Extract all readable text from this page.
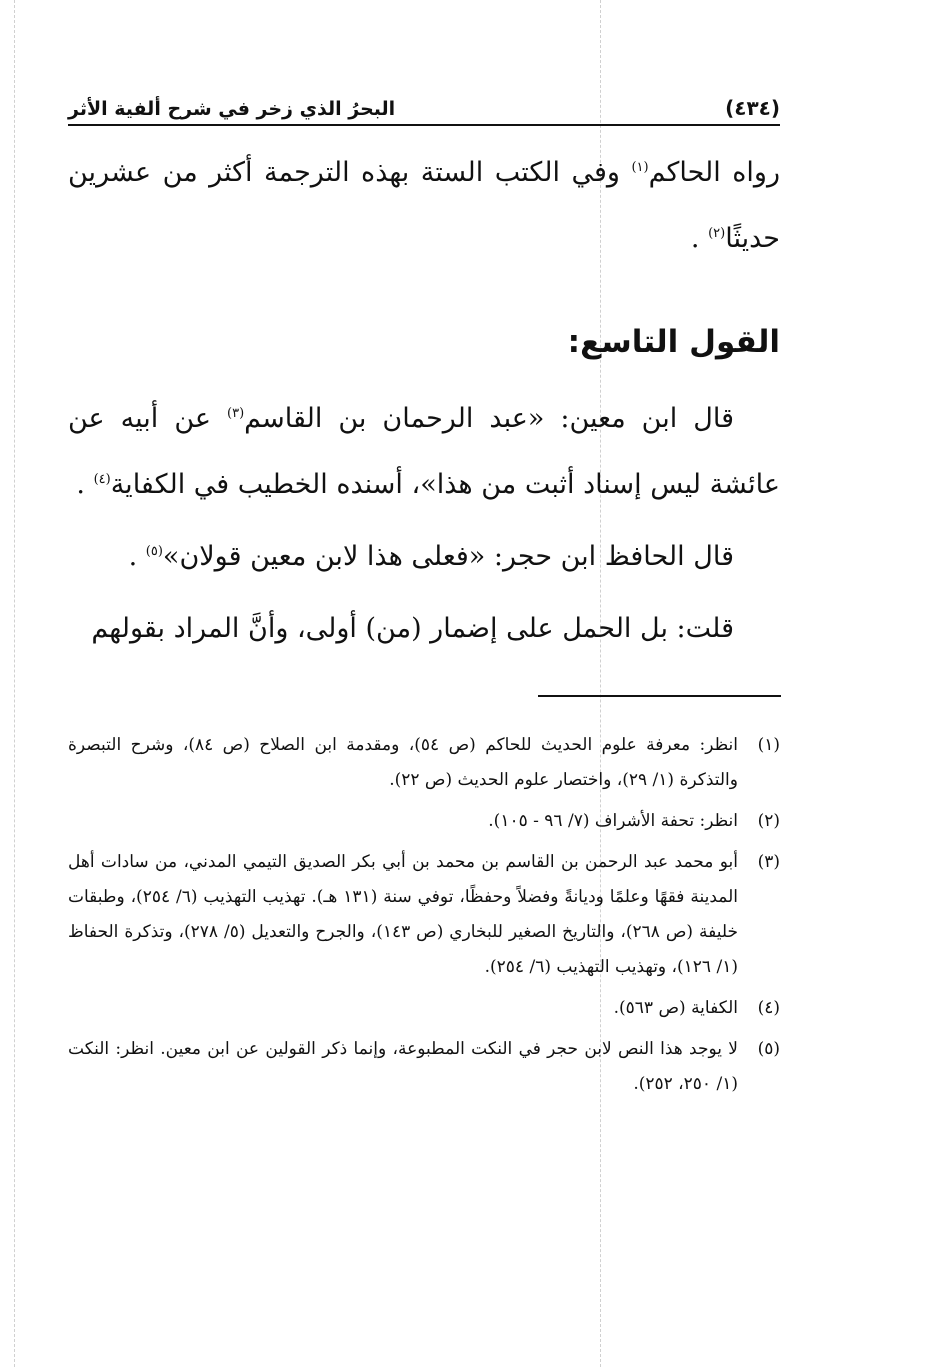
(٤٣٤)
البحرُ الذي زخر في شرح ألفية الأثر

رواه الحاكم$^{(١)}$ وفي الكتب الستة بهذه الترجمة أكثر من عشرين حديثًا$^{(٢)}$ .

القول التاسع:

قال ابن معين: «عبد الرحمان بن القاسم$^{(٣)}$ عن أبيه عن عائشة ليس إسناد أثبت من هذا»، أسنده الخطيب في الكفاية$^{(٤)}$ .

قال الحافظ ابن حجر: «فعلى هذا لابن معين قولان»$^{(٥)}$ .

قلت: بل الحمل على إضمار (من) أولى، وأنَّ المراد بقولهم

(١)
انظر: معرفة علوم الحديث للحاكم (ص ٥٤)، ومقدمة ابن الصلاح (ص ٨٤)، وشرح التبصرة والتذكرة (١/ ٢٩)، واختصار علوم الحديث (ص ٢٢).
(٢)
انظر: تحفة الأشراف (٧/ ٩٦ - ١٠٥).
(٣)
أبو محمد عبد الرحمن بن القاسم بن محمد بن أبي بكر الصديق التيمي المدني، من سادات أهل المدينة فقهًا وعلمًا وديانةً وفضلاً وحفظًا، توفي سنة (١٣١ هـ). تهذيب التهذيب (٦/ ٢٥٤)، وطبقات خليفة (ص ٢٦٨)، والتاريخ الصغير للبخاري (ص ١٤٣)، والجرح والتعديل (٥/ ٢٧٨)، وتذكرة الحفاظ (١/ ١٢٦)، وتهذيب التهذيب (٦/ ٢٥٤).
(٤)
الكفاية (ص ٥٦٣).
(٥)
لا يوجد هذا النص لابن حجر في النكت المطبوعة، وإنما ذكر القولين عن ابن معين. انظر: النكت (١/ ٢٥٠، ٢٥٢).
